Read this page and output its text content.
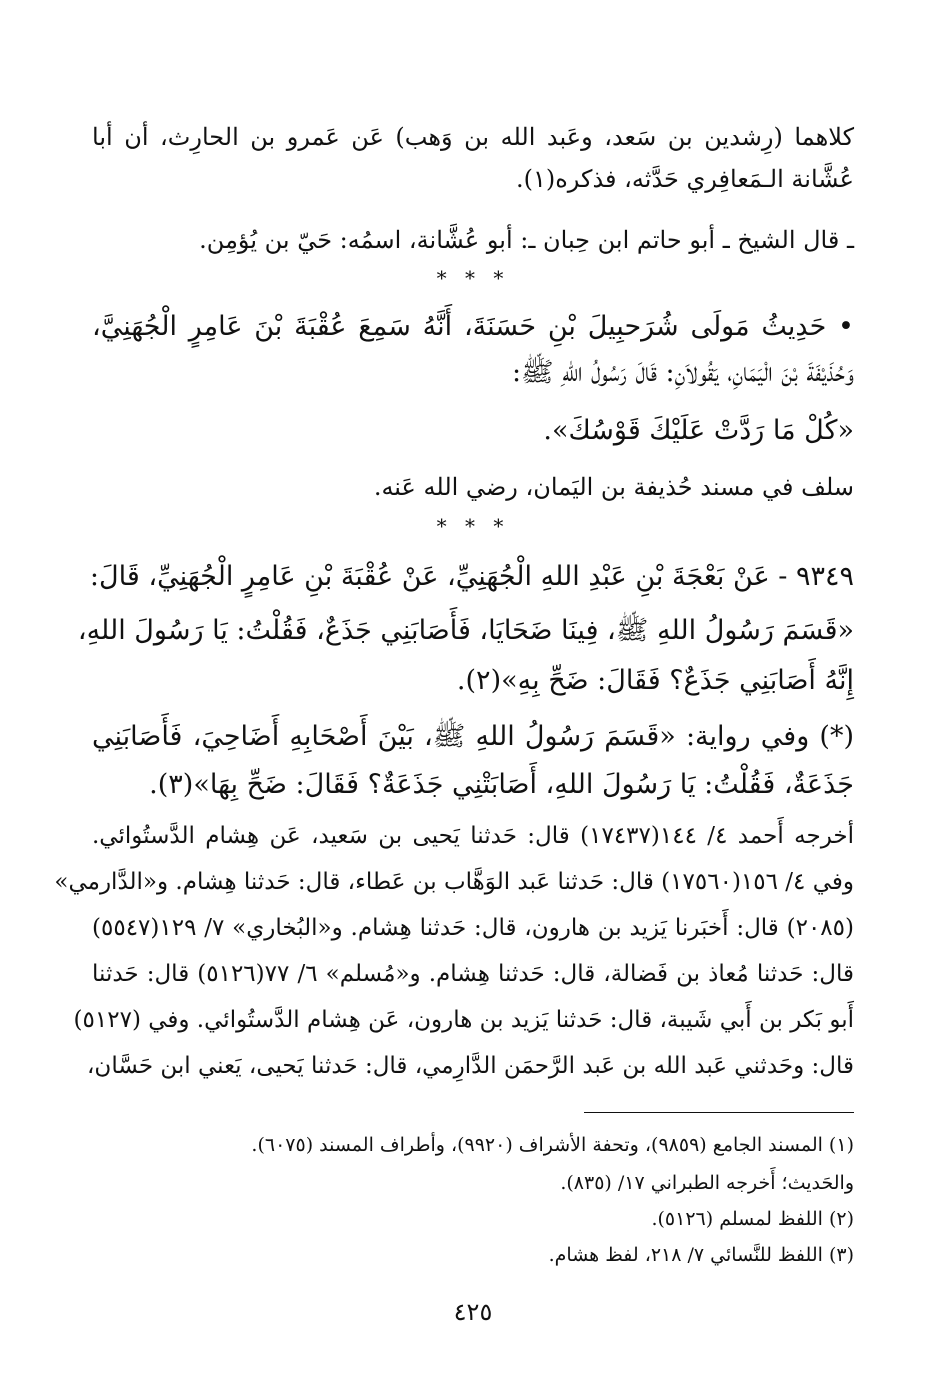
كلاهما (رِشدين بن سَعد، وعَبد الله بن وَهب) عَن عَمرو بن الحارِث، أن أبا
عُشَّانة الـمَعافِري حَدَّثه، فذكره(١).
ـ قال الشيخ ـ أبو حاتم ابن حِبان ـ: أبو عُشَّانة، اسمُه: حَيّ بن يُؤمِن.
* * *
• حَدِيثُ مَولَى شُرَحبِيلَ بْنِ حَسَنَةَ، أَنَّهُ سَمِعَ عُقْبَةَ بْنَ عَامِرٍ الْجُهَنِيَّ،
وَحُذَيْفَةَ بْنَ الْيَمَانِ، يَقُولاَنِ: قَالَ رَسُولُ اللهِ ﷺ:
«كُلْ مَا رَدَّتْ عَلَيْكَ قَوْسُكَ».
سلف في مسند حُذيفة بن اليَمان، رضي الله عَنه.
* * *
٩٣٤٩ - عَنْ بَعْجَةَ بْنِ عَبْدِ اللهِ الْجُهَنِيِّ، عَنْ عُقْبَةَ بْنِ عَامِرٍ الْجُهَنِيِّ، قَالَ:
«قَسَمَ رَسُولُ اللهِ ﷺ، فِينَا ضَحَايَا، فَأَصَابَنِي جَذَعٌ، فَقُلْتُ: يَا رَسُولَ اللهِ،
إِنَّهُ أَصَابَنِي جَذَعٌ؟ فَقَالَ: ضَحِّ بِهِ»(٢).
(*) وفي رواية: «قَسَمَ رَسُولُ اللهِ ﷺ، بَيْنَ أَصْحَابِهِ أَضَاحِيَ، فَأَصَابَنِي
جَذَعَةٌ، فَقُلْتُ: يَا رَسُولَ اللهِ، أَصَابَتْنِي جَذَعَةٌ؟ فَقَالَ: ضَحِّ بِهَا»(٣).
أخرجه أَحمد ٤/ ١٤٤(١٧٤٣٧) قال: حَدثنا يَحيى بن سَعيد، عَن هِشام الدَّستُوائي.
وفي ٤/ ١٥٦(١٧٥٦٠) قال: حَدثنا عَبد الوَهَّاب بن عَطاء، قال: حَدثنا هِشام. و«الدَّارمي»
(٢٠٨٥) قال: أَخبَرنا يَزيد بن هارون، قال: حَدثنا هِشام. و«البُخاري» ٧/ ١٢٩(٥٥٤٧)
قال: حَدثنا مُعاذ بن فَضالة، قال: حَدثنا هِشام. و«مُسلم» ٦/ ٧٧(٥١٢٦) قال: حَدثنا
أَبو بَكر بن أَبي شَيبة، قال: حَدثنا يَزيد بن هارون، عَن هِشام الدَّستُوائي. وفي (٥١٢٧)
قال: وحَدثني عَبد الله بن عَبد الرَّحمَن الدَّارِمي، قال: حَدثنا يَحيى، يَعني ابن حَسَّان،
(١) المسند الجامع (٩٨٥٩)، وتحفة الأشراف (٩٩٢٠)، وأطراف المسند (٦٠٧٥).
والحَديث؛ أَخرجه الطبراني ١٧/ (٨٣٥).
(٢) اللفظ لمسلم (٥١٢٦).
(٣) اللفظ للنَّسائي ٧/ ٢١٨، لفظ هشام.
٤٢٥
